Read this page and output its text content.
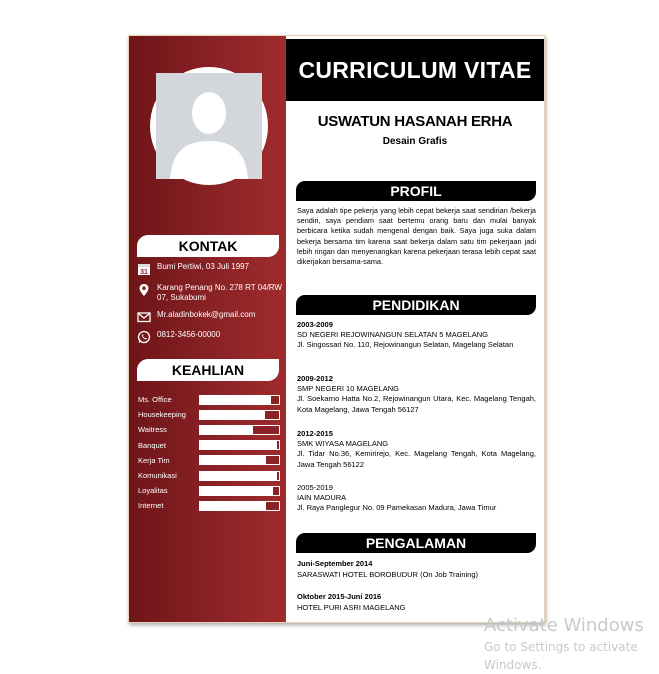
KONTAK
31
Bumi Pertiwi, 03 Juli 1997
Karang Penang No. 278 RT 04/RW 07, Sukabumi
Mr.aladinbokek@gmail.com
0812-3456-00000
KEAHLIAN
Ms. Office
Housekeeping
Waitress
Banquet
Kerja Tim
Komunikasi
Loyalitas
Internet
CURRICULUM VITAE
USWATUN HASANAH ERHA
Desain Grafis
PROFIL
Saya adalah tipe pekerja yang lebih cepat bekerja saat sendirian /bekerja sendiri, saya pendiam saat bertemu orang baru dan mulai banyak berbicara ketika sudah mengenal dengan baik. Saya juga suka dalam bekerja bersama tim karena saat bekerja dalam satu tim pekerjaan jadi lebih ringan dan menyenangkan karena pekerjaan terasa lebih cepat saat dikerjakan bersama-sama.
PENDIDIKAN
2003-2009
SD NEGERI REJOWINANGUN SELATAN 5 MAGELANG
Jl. Singossari No. 110, Rejowinangun Selatan, Magelang Selatan
2009-2012
SMP NEGERI 10 MAGELANG
Jl. Soekarno Hatta No.2, Rejowinangun Utara, Kec. Magelang Tengah, Kota Magelang, Jawa Tengah 56127
2012-2015
SMK WIYASA MAGELANG
Jl. Tidar No.36, Kemirirejo, Kec. Magelang Tengah, Kota Magelang, Jawa Tengah 56122
2005-2019
IAIN MADURA
Jl. Raya Panglegur No. 09 Pamekasan Madura, Jawa Timur
PENGALAMAN
Juni-September 2014
SARASWATI HOTEL BOROBUDUR (On Job Training)
Oktober 2015-Juni 2016
HOTEL PURI ASRI MAGELANG
Activate Windows
Go to Settings to activate Windows.
